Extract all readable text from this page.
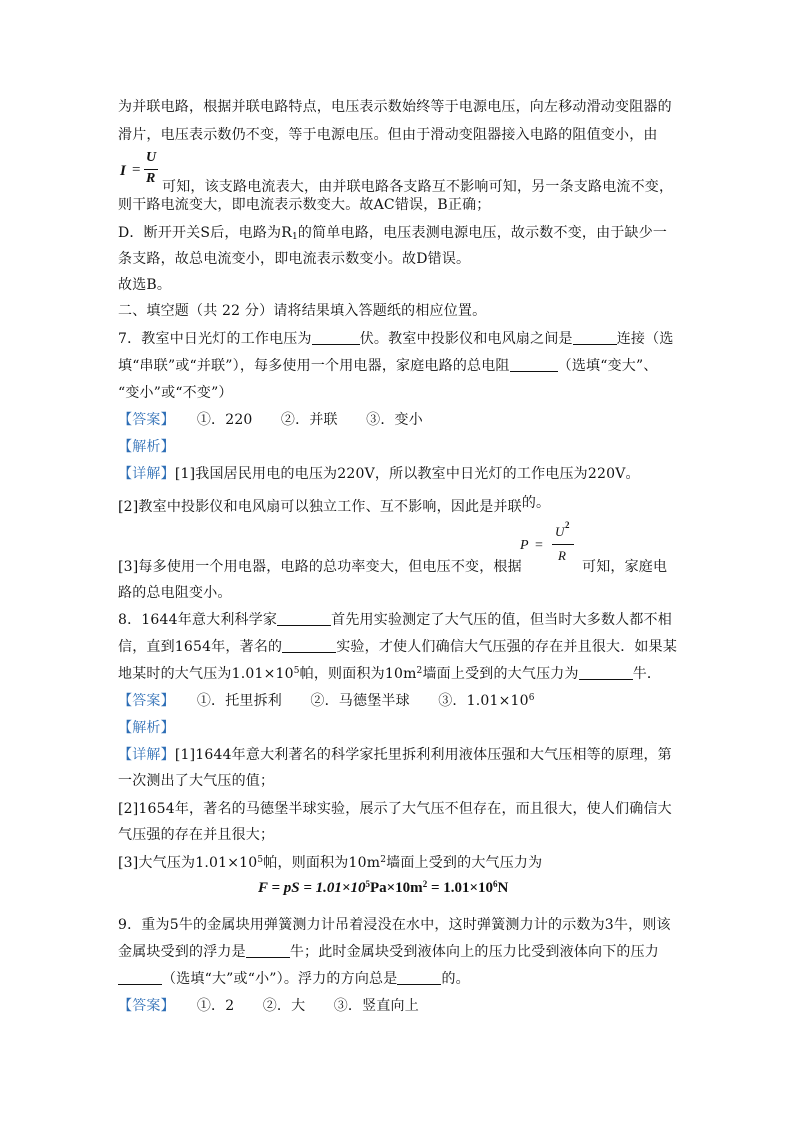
为并联电路，根据并联电路特点，电压表示数始终等于电源电压，向左移动滑动变阻器的
滑片，电压表示数仍不变，等于电源电压。但由于滑动变阻器接入电路的阻值变小，由
I =
U
R
可知，该支路电流表大，由并联电路各支路互不影响可知，另一条支路电流不变，
则干路电流变大，即电流表示数变大。故AC错误，B正确；
D．断开开关S后，电路为$R_1$的简单电路，电压表测电源电压，故示数不变，由于缺少一
条支路，故总电流变小，即电流表示数变小。故D错误。
故选B。
二、填空题（共 22 分）请将结果填入答题纸的相应位置。
7．教室中日光灯的工作电压为	伏。教室中投影仪和电风扇之间是	连接（选
填“串联”或“并联”），每多使用一个用电器，家庭电路的总电阻	（选填“变大”、
“变小”或“不变”）
【答案】 ①．220　　②．并联　　③．变小
【解析】
【详解】[1]我国居民用电的电压为220V，所以教室中日光灯的工作电压为220V。
[2]教室中投影仪和电风扇可以独立工作、互不影响，因此是并联的。
P =
U 2
R
[3]每多使用一个用电器，电路的总功率变大，但电压不变，根据	可知，家庭电
路的总电阻变小。
8．1644年意大利科学家	首先用实验测定了大气压的值，但当时大多数人都不相
信，直到1654年，著名的	实验，才使人们确信大气压强的存在并且很大．如果某
地某时的大气压为$1.01\times 10^5$帕，则面积为$10m^2$墙面上受到的大气压力为	牛．
【答案】 ①．托里拆利　　②．马德堡半球　　③．$1.01\times 10^6$
【解析】
【详解】[1]1644年意大利著名的科学家托里拆利利用液体压强和大气压相等的原理，第
一次测出了大气压的值；
[2]1654年，著名的马德堡半球实验，展示了大气压不但存在，而且很大，使人们确信大
气压强的存在并且很大；
[3]大气压为$1.01\times 10^5$帕，则面积为$10m^2$墙面上受到的大气压力为
F = pS = $1.01\times 10^5Pa\times 10m^2 = 1.01\times 10^6N$
9．重为5牛的金属块用弹簧测力计吊着浸没在水中，这时弹簧测力计的示数为3牛，则该
金属块受到的浮力是	牛；此时金属块受到液体向上的压力比受到液体向下的压力
（选填“大”或“小”）。浮力的方向总是	的。
【答案】 ①．2　　②．大　　③．竖直向上
